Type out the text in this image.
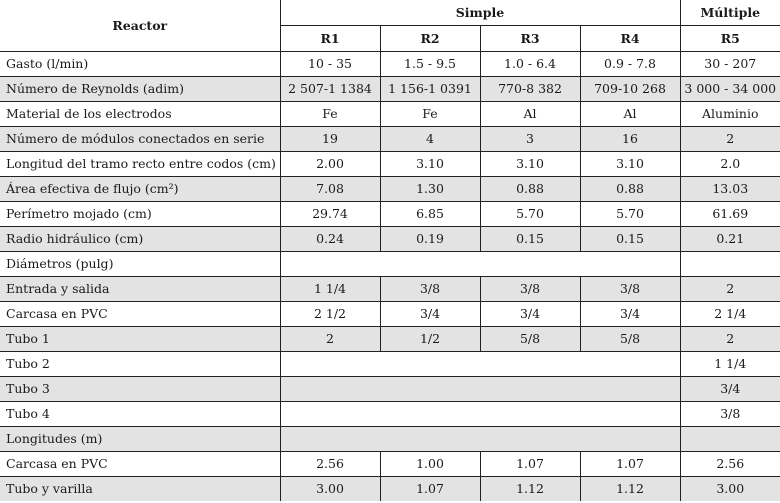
Reactor	Simple				Múltiple
	R1	R2	R3	R4	R5
Gasto (l/min)	10 - 35	1.5 - 9.5	1.0 - 6.4	0.9 - 7.8	30 - 207
Número de Reynolds (adim)	2 507-1 1384	1 156-1 0391	770-8 382	709-10 268	3 000 - 34 000
Material de los electrodos	Fe	Fe	Al	Al	Aluminio
Número de módulos conectados en serie	19	4	3	16	2
Longitud del tramo recto entre codos (cm)	2.00	3.10	3.10	3.10	2.0
Área efectiva de flujo (cm²)	7.08	1.30	0.88	0.88	13.03
Perímetro mojado (cm)	29.74	6.85	5.70	5.70	61.69
Radio hidráulico (cm)	0.24	0.19	0.15	0.15	0.21
Diámetros (pulg)					
Entrada y salida	1 1/4	3/8	3/8	3/8	2
Carcasa en PVC	2 1/2	3/4	3/4	3/4	2 1/4
Tubo 1	2	1/2	5/8	5/8	2
Tubo 2					1 1/4
Tubo 3					3/4
Tubo 4					3/8
Longitudes (m)					
Carcasa en PVC	2.56	1.00	1.07	1.07	2.56
Tubo y varilla	3.00	1.07	1.12	1.12	3.00
